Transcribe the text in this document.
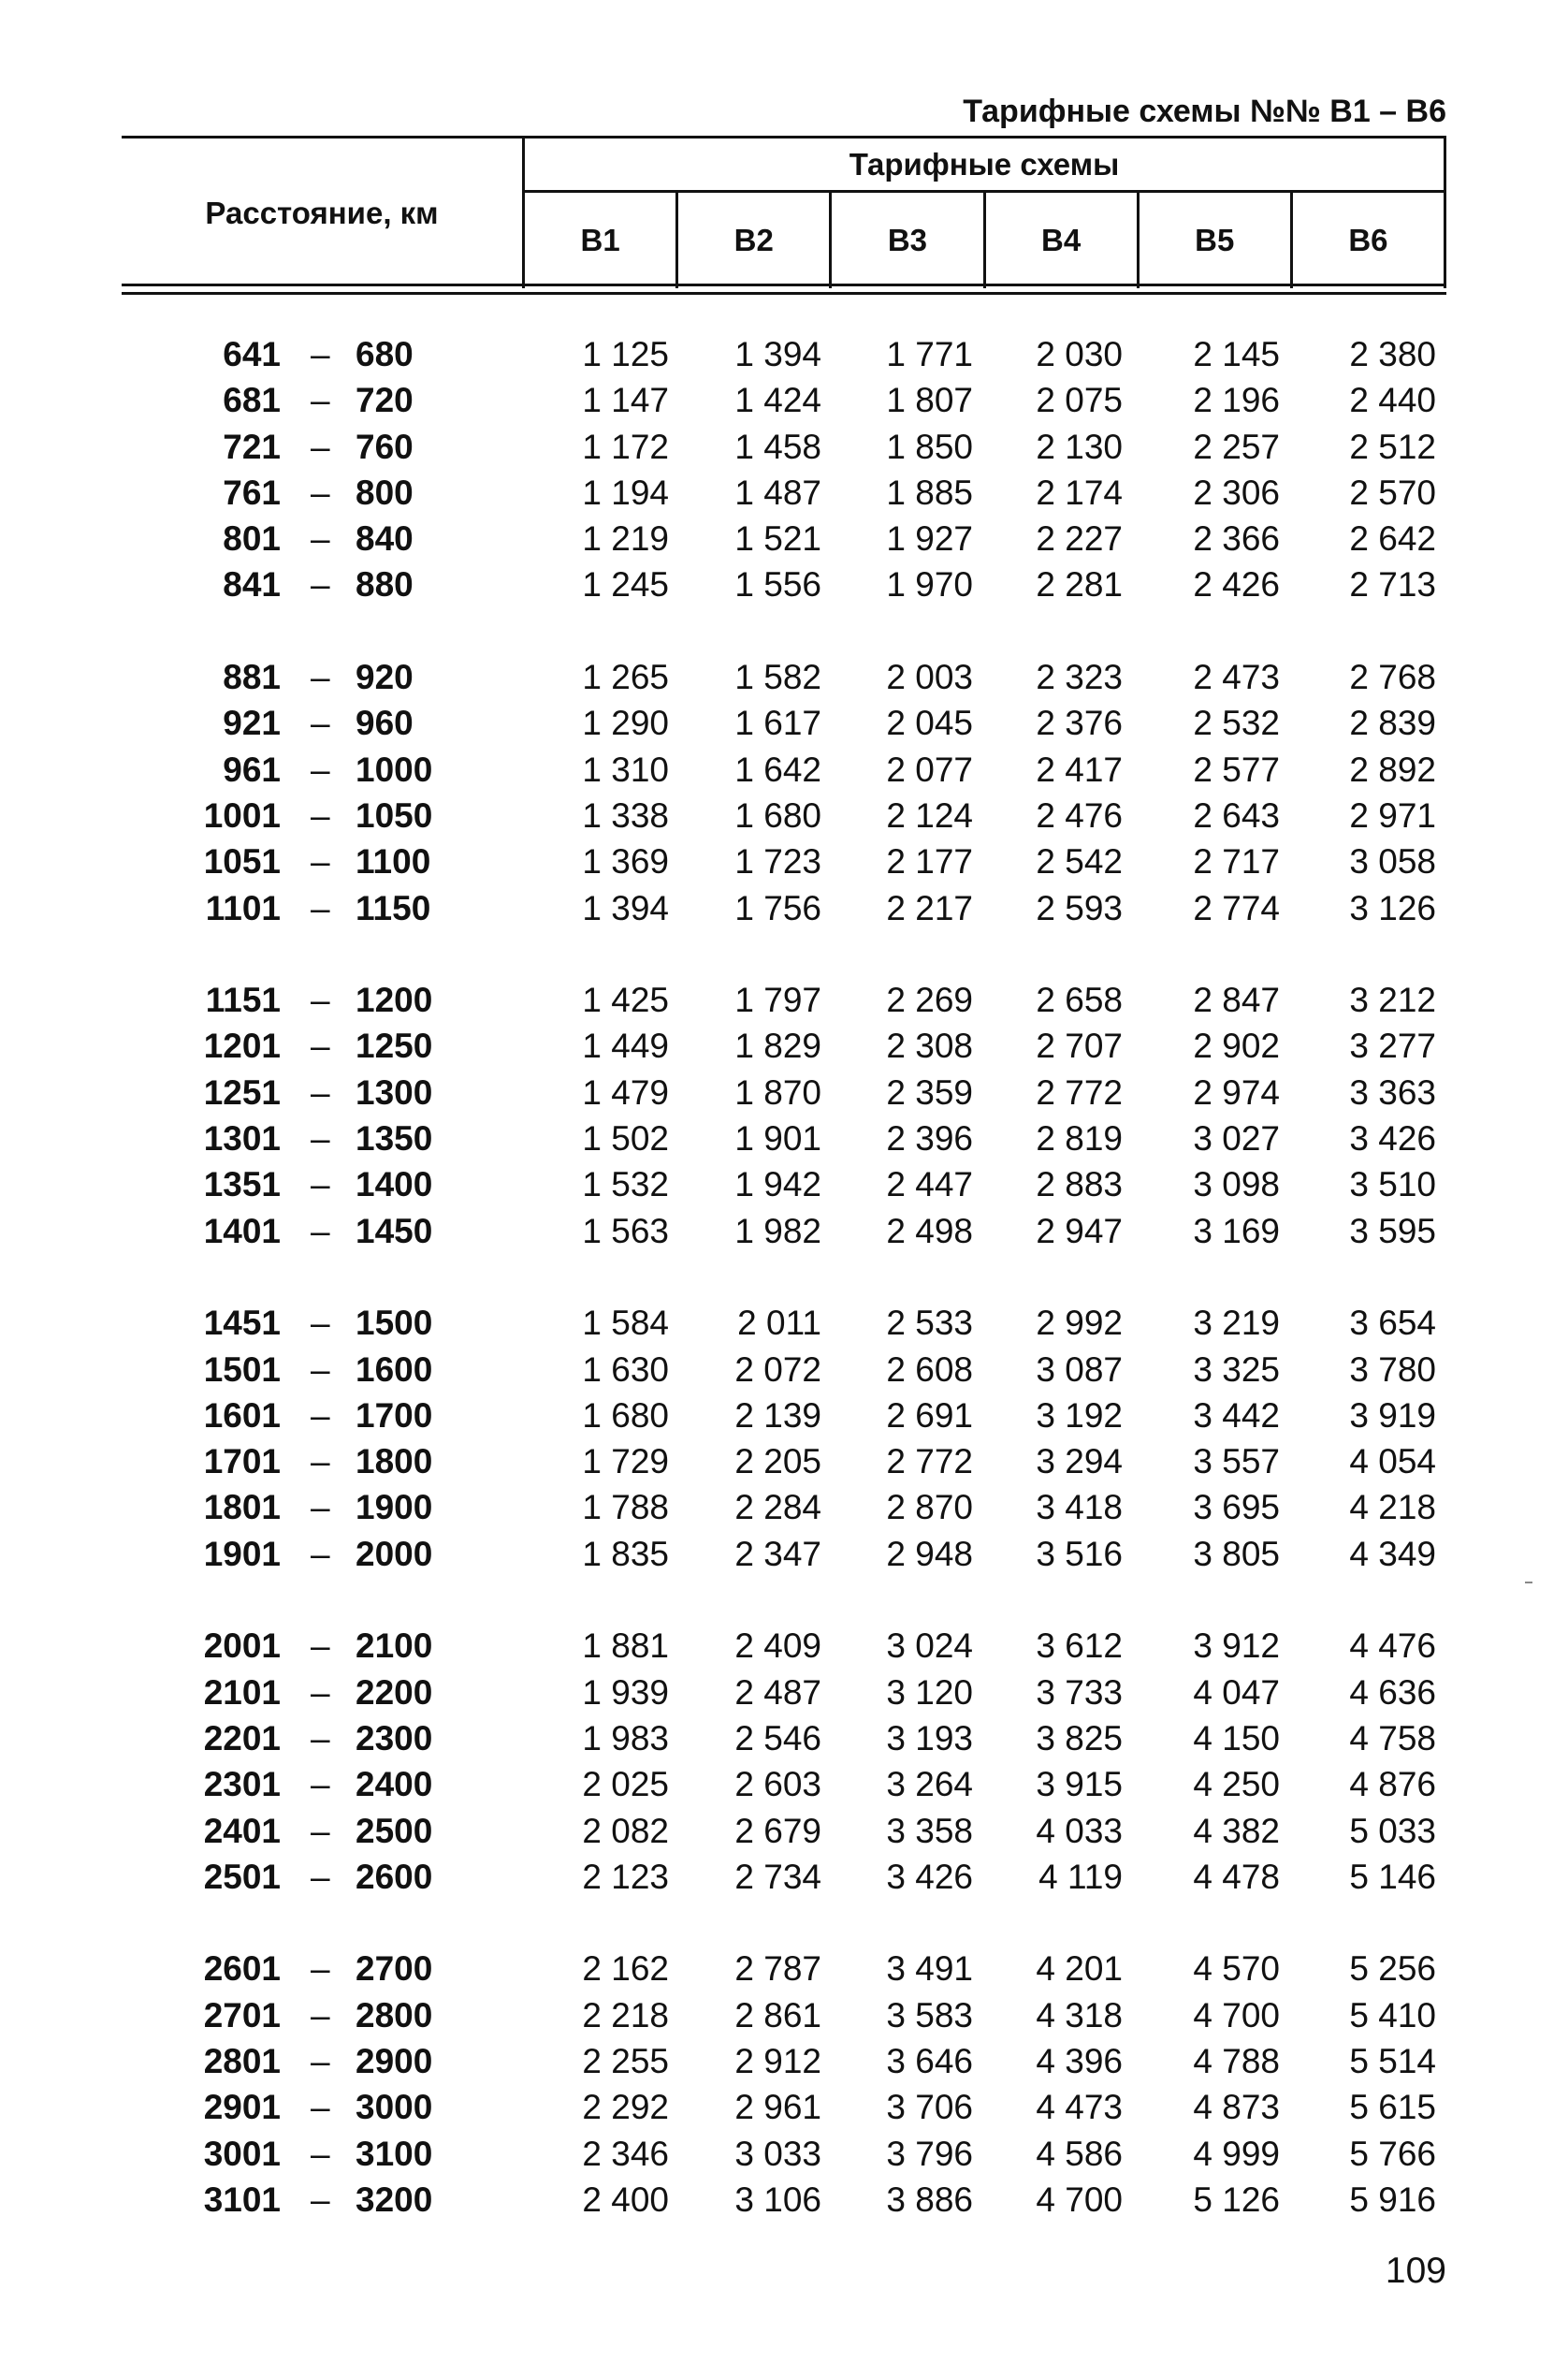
Тарифные схемы №№ В1 – В6
Расстояние, км
Тарифные схемы
В1	В2	В3	В4	В5	В6
641 – 680	1 125	1 394	1 771	2 030	2 145	2 380
681 – 720	1 147	1 424	1 807	2 075	2 196	2 440
721 – 760	1 172	1 458	1 850	2 130	2 257	2 512
761 – 800	1 194	1 487	1 885	2 174	2 306	2 570
801 – 840	1 219	1 521	1 927	2 227	2 366	2 642
841 – 880	1 245	1 556	1 970	2 281	2 426	2 713
881 – 920	1 265	1 582	2 003	2 323	2 473	2 768
921 – 960	1 290	1 617	2 045	2 376	2 532	2 839
961 – 1000	1 310	1 642	2 077	2 417	2 577	2 892
1001 – 1050	1 338	1 680	2 124	2 476	2 643	2 971
1051 – 1100	1 369	1 723	2 177	2 542	2 717	3 058
1101 – 1150	1 394	1 756	2 217	2 593	2 774	3 126
1151 – 1200	1 425	1 797	2 269	2 658	2 847	3 212
1201 – 1250	1 449	1 829	2 308	2 707	2 902	3 277
1251 – 1300	1 479	1 870	2 359	2 772	2 974	3 363
1301 – 1350	1 502	1 901	2 396	2 819	3 027	3 426
1351 – 1400	1 532	1 942	2 447	2 883	3 098	3 510
1401 – 1450	1 563	1 982	2 498	2 947	3 169	3 595
1451 – 1500	1 584	2 011	2 533	2 992	3 219	3 654
1501 – 1600	1 630	2 072	2 608	3 087	3 325	3 780
1601 – 1700	1 680	2 139	2 691	3 192	3 442	3 919
1701 – 1800	1 729	2 205	2 772	3 294	3 557	4 054
1801 – 1900	1 788	2 284	2 870	3 418	3 695	4 218
1901 – 2000	1 835	2 347	2 948	3 516	3 805	4 349
2001 – 2100	1 881	2 409	3 024	3 612	3 912	4 476
2101 – 2200	1 939	2 487	3 120	3 733	4 047	4 636
2201 – 2300	1 983	2 546	3 193	3 825	4 150	4 758
2301 – 2400	2 025	2 603	3 264	3 915	4 250	4 876
2401 – 2500	2 082	2 679	3 358	4 033	4 382	5 033
2501 – 2600	2 123	2 734	3 426	4 119	4 478	5 146
2601 – 2700	2 162	2 787	3 491	4 201	4 570	5 256
2701 – 2800	2 218	2 861	3 583	4 318	4 700	5 410
2801 – 2900	2 255	2 912	3 646	4 396	4 788	5 514
2901 – 3000	2 292	2 961	3 706	4 473	4 873	5 615
3001 – 3100	2 346	3 033	3 796	4 586	4 999	5 766
3101 – 3200	2 400	3 106	3 886	4 700	5 126	5 916
109
